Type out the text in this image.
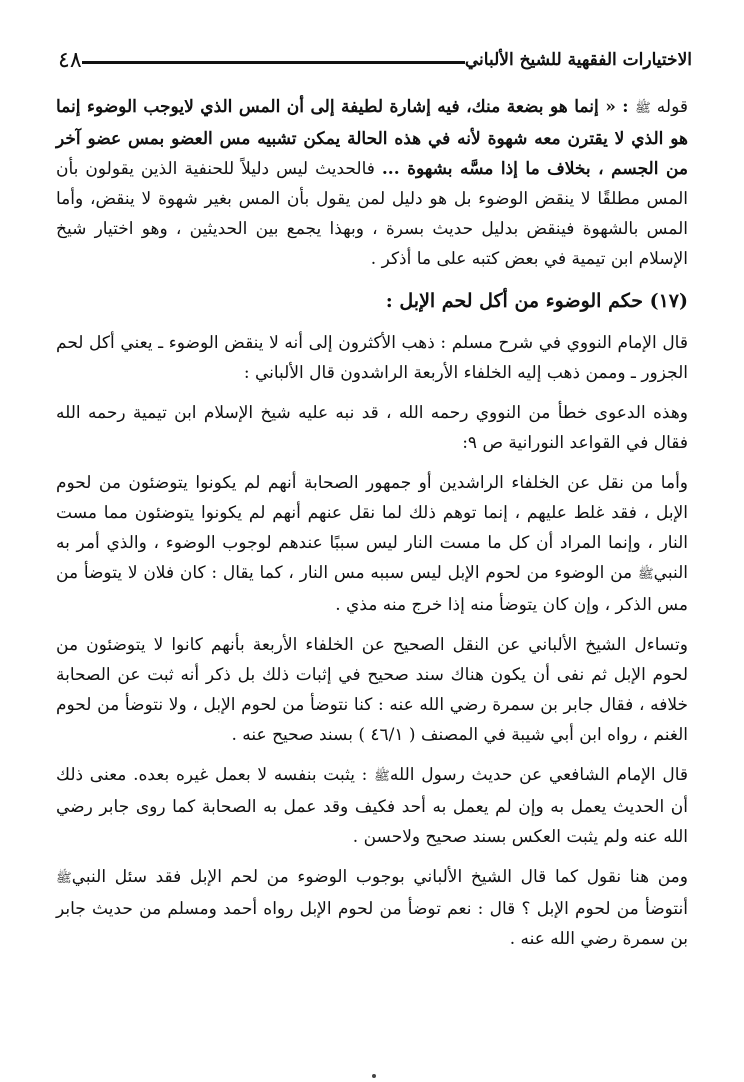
الاختيارات الفقهية للشيخ الألباني
٤٨

قوله ﷺ : « إنما هو بضعة منك، فيه إشارة لطيفة إلى أن المس الذي لايوجب الوضوء إنما هو الذي لا يقترن معه شهوة لأنه في هذه الحالة يمكن تشبيه مس العضو بمس عضو آخر من الجسم ، بخلاف ما إذا مسَّه بشهوة ... فالحديث ليس دليلاً للحنفية الذين يقولون بأن المس مطلقًا لا ينقض الوضوء بل هو دليل لمن يقول بأن المس بغير شهوة لا ينقض، وأما المس بالشهوة فينقض بدليل حديث بسرة ، وبهذا يجمع بين الحديثين ، وهو اختيار شيخ الإسلام ابن تيمية في بعض كتبه على ما أذكر .

(١٧) حكم الوضوء من أكل لحم الإبل :

قال الإمام النووي في شرح مسلم : ذهب الأكثرون إلى أنه لا ينقض الوضوء ـ يعني أكل لحم الجزور ـ وممن ذهب إليه الخلفاء الأربعة الراشدون قال الألباني :

وهذه الدعوى خطأ من النووي رحمه الله ، قد نبه عليه شيخ الإسلام ابن تيمية رحمه الله فقال في القواعد النورانية ص ٩:

وأما من نقل عن الخلفاء الراشدين أو جمهور الصحابة أنهم لم يكونوا يتوضئون من لحوم الإبل ، فقد غلط عليهم ، إنما توهم ذلك لما نقل عنهم أنهم لم يكونوا يتوضئون مما مست النار ، وإنما المراد أن كل ما مست النار ليس سببًا عندهم لوجوب الوضوء ، والذي أمر به النبيﷺ من الوضوء من لحوم الإبل ليس سببه مس النار ، كما يقال : كان فلان لا يتوضأ من مس الذكر ، وإن كان يتوضأ منه إذا خرج منه مذي .

وتساءل الشيخ الألباني عن النقل الصحيح عن الخلفاء الأربعة بأنهم كانوا لا يتوضئون من لحوم الإبل ثم نفى أن يكون هناك سند صحيح في إثبات ذلك بل ذكر أنه ثبت عن الصحابة خلافه ، فقال جابر بن سمرة رضي الله عنه : كنا نتوضأ من لحوم الإبل ، ولا نتوضأ من لحوم الغنم ، رواه ابن أبي شيبة في المصنف ( ٤٦/١ ) بسند صحيح عنه .

قال الإمام الشافعي عن حديث رسول اللهﷺ : يثبت بنفسه لا بعمل غيره بعده. معنى ذلك أن الحديث يعمل به وإن لم يعمل به أحد فكيف وقد عمل به الصحابة كما روى جابر رضي الله عنه ولم يثبت العكس بسند صحيح ولاحسن .

ومن هنا نقول كما قال الشيخ الألباني بوجوب الوضوء من لحم الإبل فقد سئل النبيﷺ أنتوضأ من لحوم الإبل ؟ قال : نعم توضأ من لحوم الإبل رواه أحمد ومسلم من حديث جابر بن سمرة رضي الله عنه .
